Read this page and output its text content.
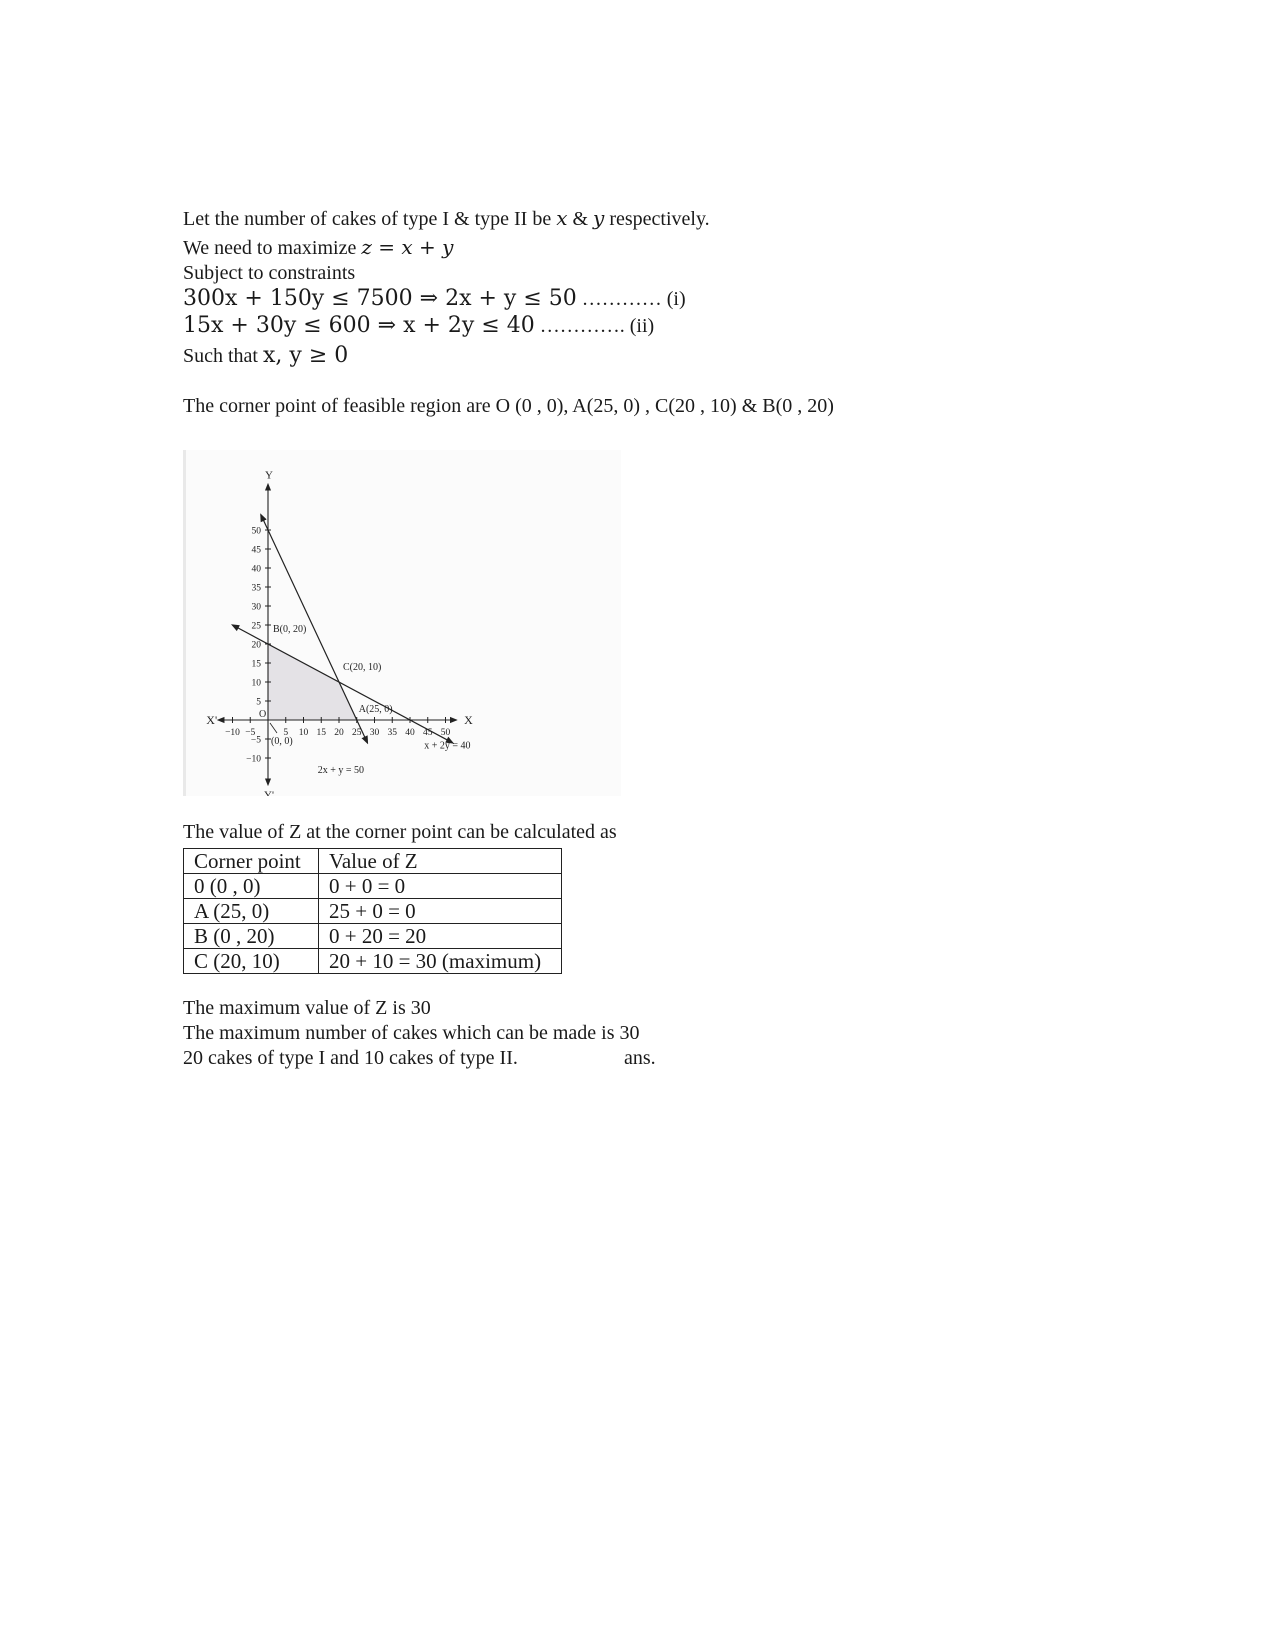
Let the number of cakes of type I & type II be x & y respectively.
We need to maximize z = x + y
Subject to constraints
300x + 150y ≤ 7500 ⇒ 2x + y ≤ 50 ………… (i)
15x + 30y ≤ 600 ⇒ x + 2y ≤ 40 …………. (ii)
Such that x, y ≥ 0
The corner point of feasible region are O (0 , 0), A(25, 0) , C(20 , 10) & B(0 , 20)
X
X'
Y
Y'
−10 −5	5 10 15 20 25 30 35 40 45 50
50
45
40
35
30
25
20
15
10
5
−5
−10
O
2x + y = 50
x + 2y = 40
B(0, 20)
C(20, 10)
A(25, 0)
(0, 0)
The value of Z at the corner point can be calculated as
Corner point	Value of Z
0 (0 , 0)	0 + 0 = 0
A (25, 0)	25 + 0 = 0
B (0 , 20)	0 + 20 = 20
C (20, 10)	20 + 10 = 30 (maximum)
The maximum value of Z is 30
The maximum number of cakes which can be made is 30
20 cakes of type I and 10 cakes of type II.	ans.
